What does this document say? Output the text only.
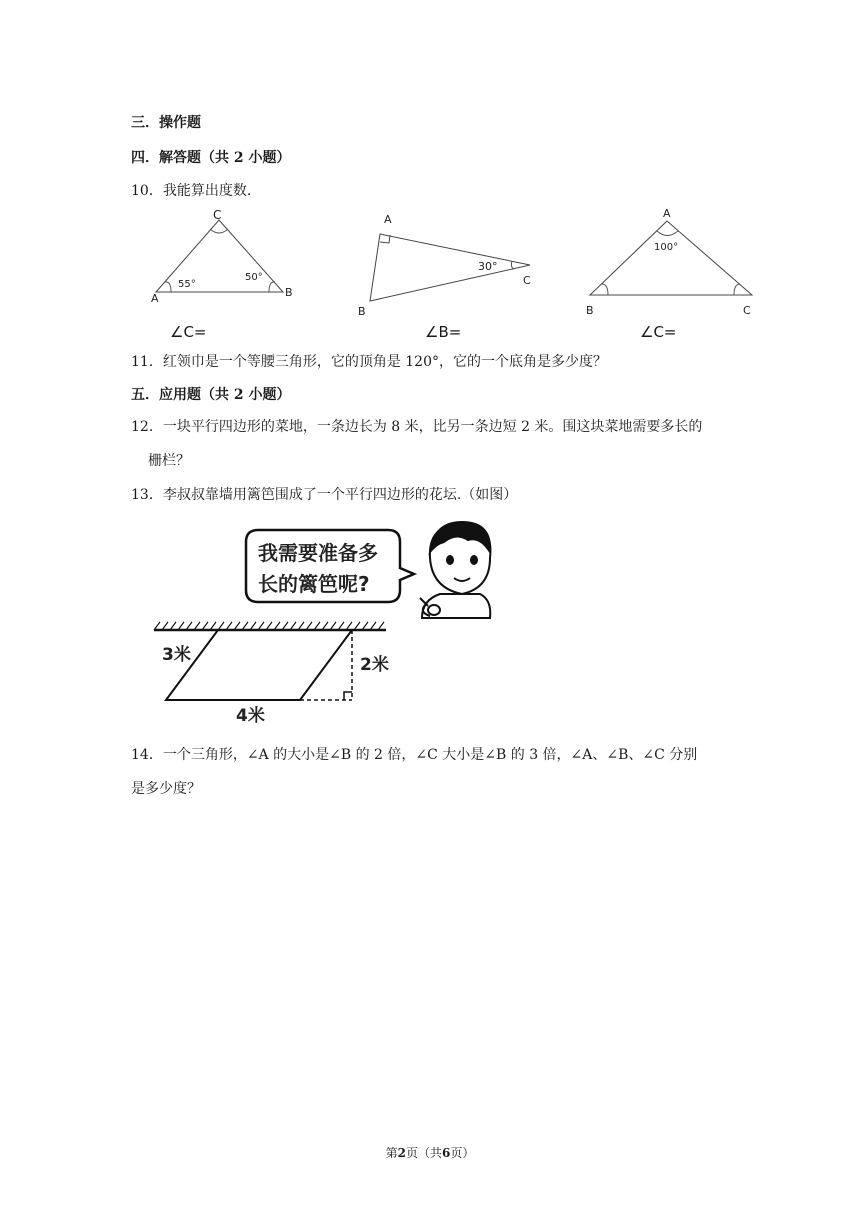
三．操作题
四．解答题（共 2 小题）
10．我能算出度数.
C
A	B
55°
50°
A
B
C
30°
A
B	C
100°
∠C=	∠B=	∠C=
11．红领巾是一个等腰三角形，它的顶角是 120°，它的一个底角是多少度？
五．应用题（共 2 小题）
12．一块平行四边形的菜地，一条边长为 8 米，比另一条边短 2 米。围这块菜地需要多长的
栅栏？
13．李叔叔靠墙用篱笆围成了一个平行四边形的花坛.（如图）
我需要准备多
长的篱笆呢?
3米	2米
4米
14．一个三角形，∠A 的大小是∠B 的 2 倍，∠C 大小是∠B 的 3 倍，∠A、∠B、∠C 分别
是多少度？
第2页（共6页）
